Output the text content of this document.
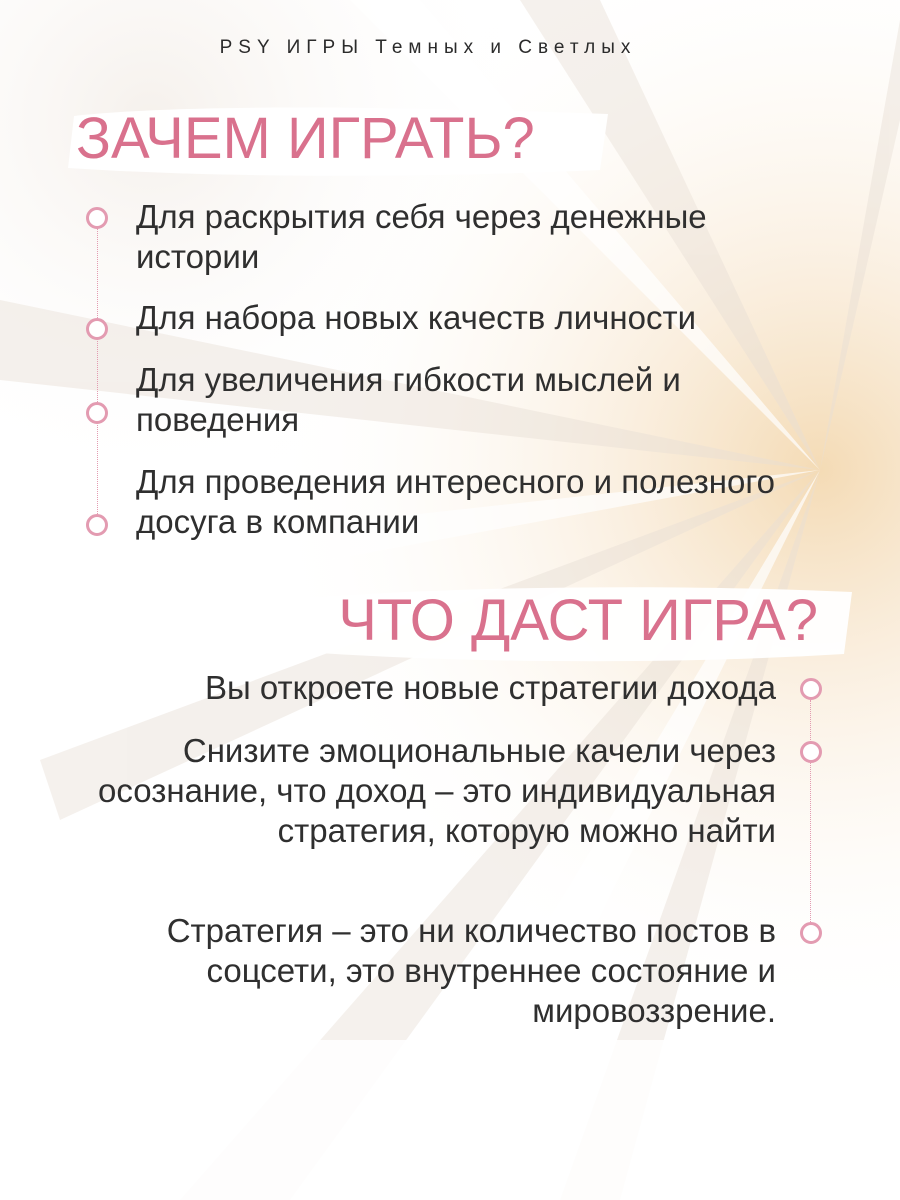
PSY ИГРЫ Темных и Светлых
ЗАЧЕМ ИГРАТЬ?
Для раскрытия себя через денежные истории
Для набора новых качеств личности
Для увеличения гибкости мыслей и поведения
Для проведения интересного и полезного досуга в компании
ЧТО ДАСТ ИГРА?
Вы откроете новые стратегии дохода
Снизите эмоциональные качели через осознание, что доход – это индивидуальная стратегия, которую можно найти
Стратегия – это ни количество постов в соцсети, это внутреннее состояние и мировоззрение.
